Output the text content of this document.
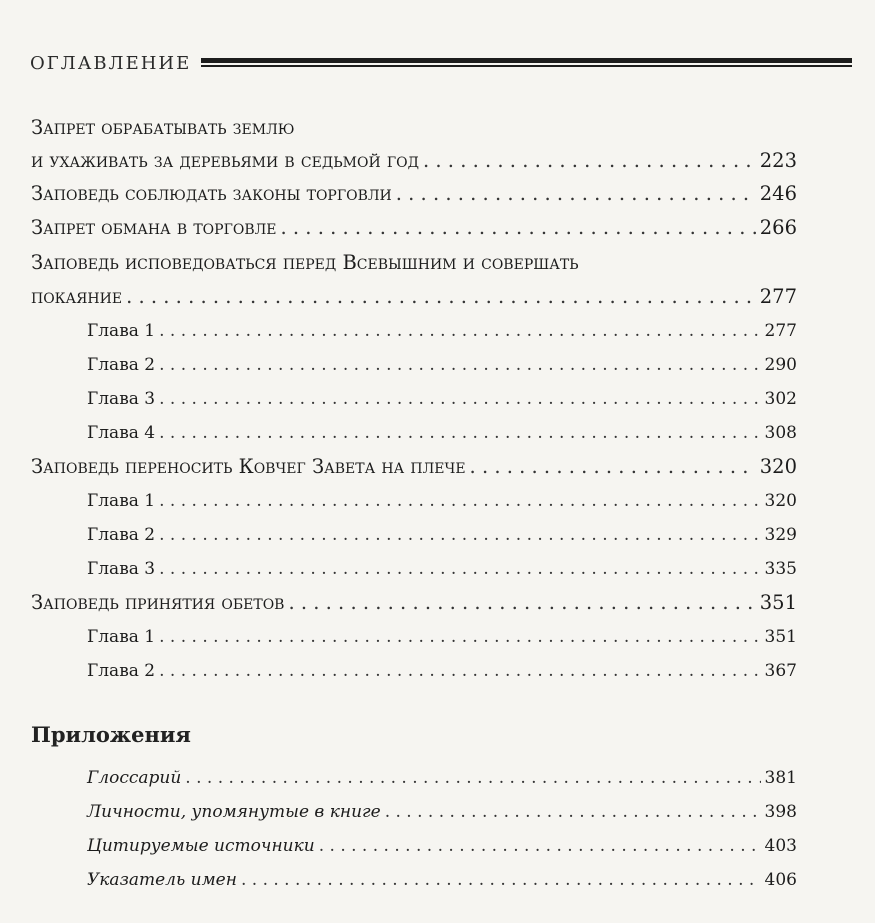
ОГЛАВЛЕНИЕ
Запрет обрабатывать землю
и ухаживать за деревьями в седьмой год . . .	223
Заповедь соблюдать законы торговли . . .	246
Запрет обмана в торговле . . .	266
Заповедь исповедоваться перед Всевышним и совершать
покаяние . . .	277
Глава 1 . . .	277
Глава 2 . . .	290
Глава 3 . . .	302
Глава 4 . . .	308
Заповедь переносить Ковчег Завета на плече . . .	320
Глава 1 . . .	320
Глава 2 . . .	329
Глава 3 . . .	335
Заповедь принятия обетов . . .	351
Глава 1 . . .	351
Глава 2 . . .	367
Приложения
Глоссарий . . .	381
Личности, упомянутые в книге . . .	398
Цитируемые источники . . .	403
Указатель имен . . .	406
